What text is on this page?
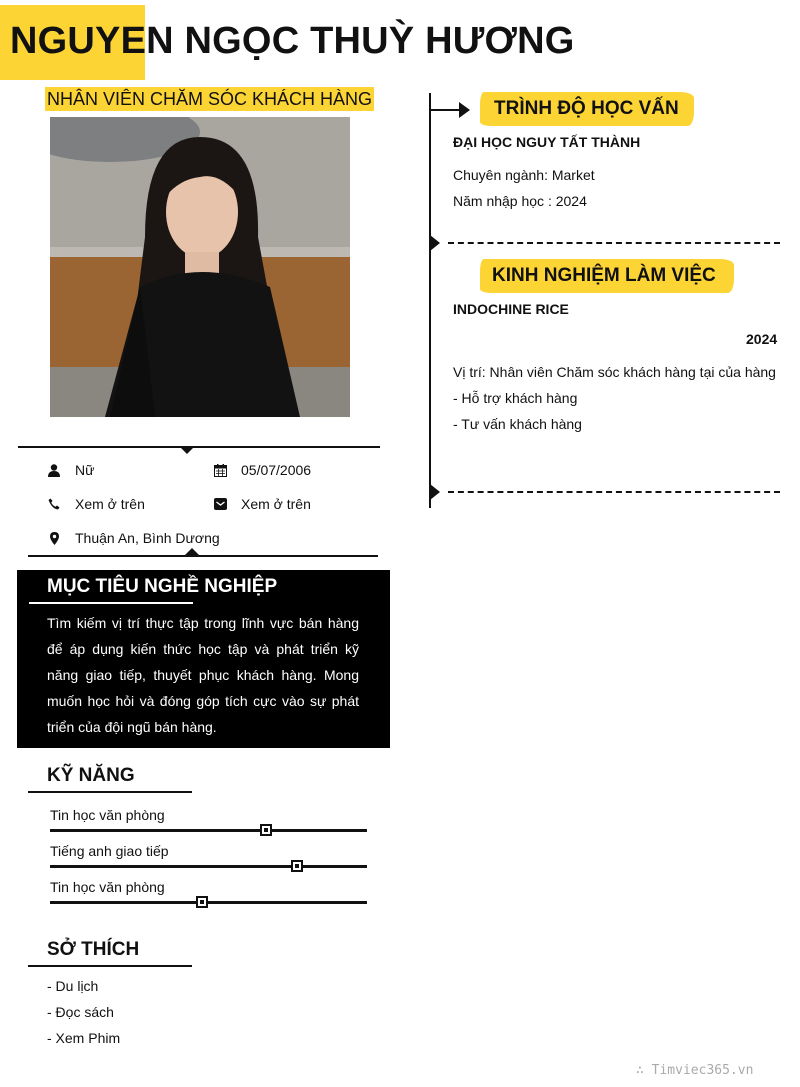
NGUYEN NGỌC THUỲ HƯƠNG
NHÂN VIÊN CHĂM SÓC KHÁCH HÀNG
Nữ	05/07/2006
Xem ở trên	Xem ở trên
Thuận An, Bình Dương
MỤC TIÊU NGHỀ NGHIỆP
Tìm kiếm vị trí thực tập trong lĩnh vực bán hàng để áp dụng kiến thức học tập và phát triển kỹ năng giao tiếp, thuyết phục khách hàng. Mong muốn học hỏi và đóng góp tích cực vào sự phát triển của đội ngũ bán hàng.
KỸ NĂNG
Tin học văn phòng
Tiếng anh giao tiếp
Tin học văn phòng
SỞ THÍCH
- Du lịch
- Đọc sách
- Xem Phim
TRÌNH ĐỘ HỌC VẤN
ĐẠI HỌC NGUY TẤT THÀNH
Chuyên ngành: Market
Năm nhập học : 2024
KINH NGHIỆM LÀM VIỆC
INDOCHINE RICE
2024
Vị trí: Nhân viên Chăm sóc khách hàng tại của hàng
- Hỗ trợ khách hàng
- Tư vấn khách hàng
∴ Timviec365.vn
